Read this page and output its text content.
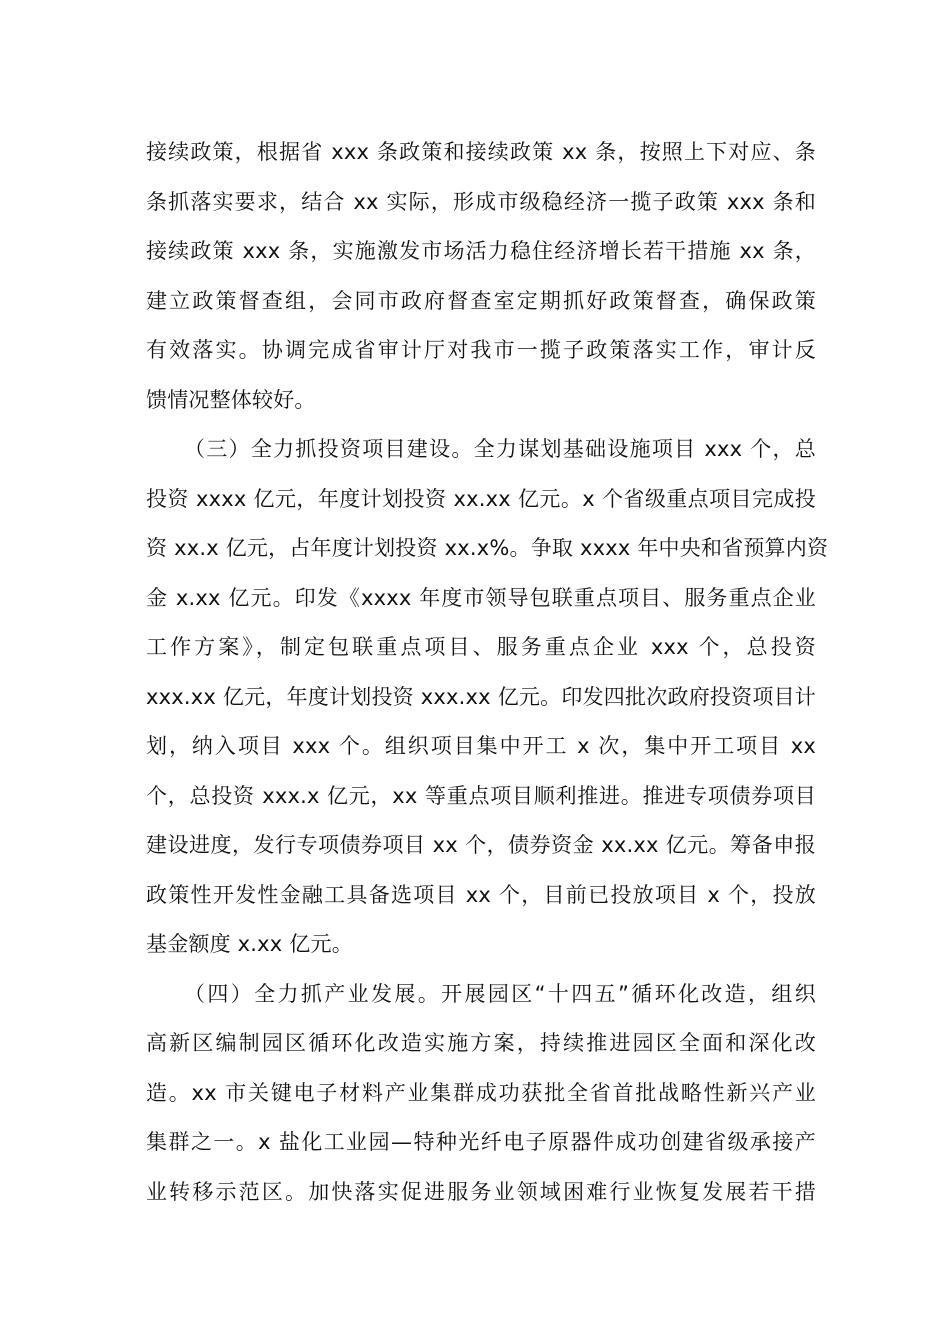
接续政策，根据省 xxx 条政策和接续政策 xx 条，按照上下对应、条
条抓落实要求，结合 xx 实际，形成市级稳经济一揽子政策 xxx 条和
接续政策 xxx 条，实施激发市场活力稳住经济增长若干措施 xx 条，
建立政策督查组，会同市政府督查室定期抓好政策督查，确保政策
有效落实。协调完成省审计厅对我市一揽子政策落实工作，审计反
馈情况整体较好。
（三）全力抓投资项目建设。全力谋划基础设施项目 xxx 个，总
投资 xxxx 亿元，年度计划投资 xx.xx 亿元。x 个省级重点项目完成投
资 xx.x 亿元，占年度计划投资 xx.x%。争取 xxxx 年中央和省预算内资
金 x.xx 亿元。印发《xxxx 年度市领导包联重点项目、服务重点企业
工作方案》，制定包联重点项目、服务重点企业 xxx 个，总投资
xxx.xx 亿元，年度计划投资 xxx.xx 亿元。印发四批次政府投资项目计
划，纳入项目 xxx 个。组织项目集中开工 x 次，集中开工项目 xx
个，总投资 xxx.x 亿元，xx 等重点项目顺利推进。推进专项债券项目
建设进度，发行专项债券项目 xx 个，债券资金 xx.xx 亿元。筹备申报
政策性开发性金融工具备选项目 xx 个，目前已投放项目 x 个，投放
基金额度 x.xx 亿元。
（四）全力抓产业发展。开展园区“十四五”循环化改造，组织
高新区编制园区循环化改造实施方案，持续推进园区全面和深化改
造。xx 市关键电子材料产业集群成功获批全省首批战略性新兴产业
集群之一。x 盐化工业园—特种光纤电子原器件成功创建省级承接产
业转移示范区。加快落实促进服务业领域困难行业恢复发展若干措
